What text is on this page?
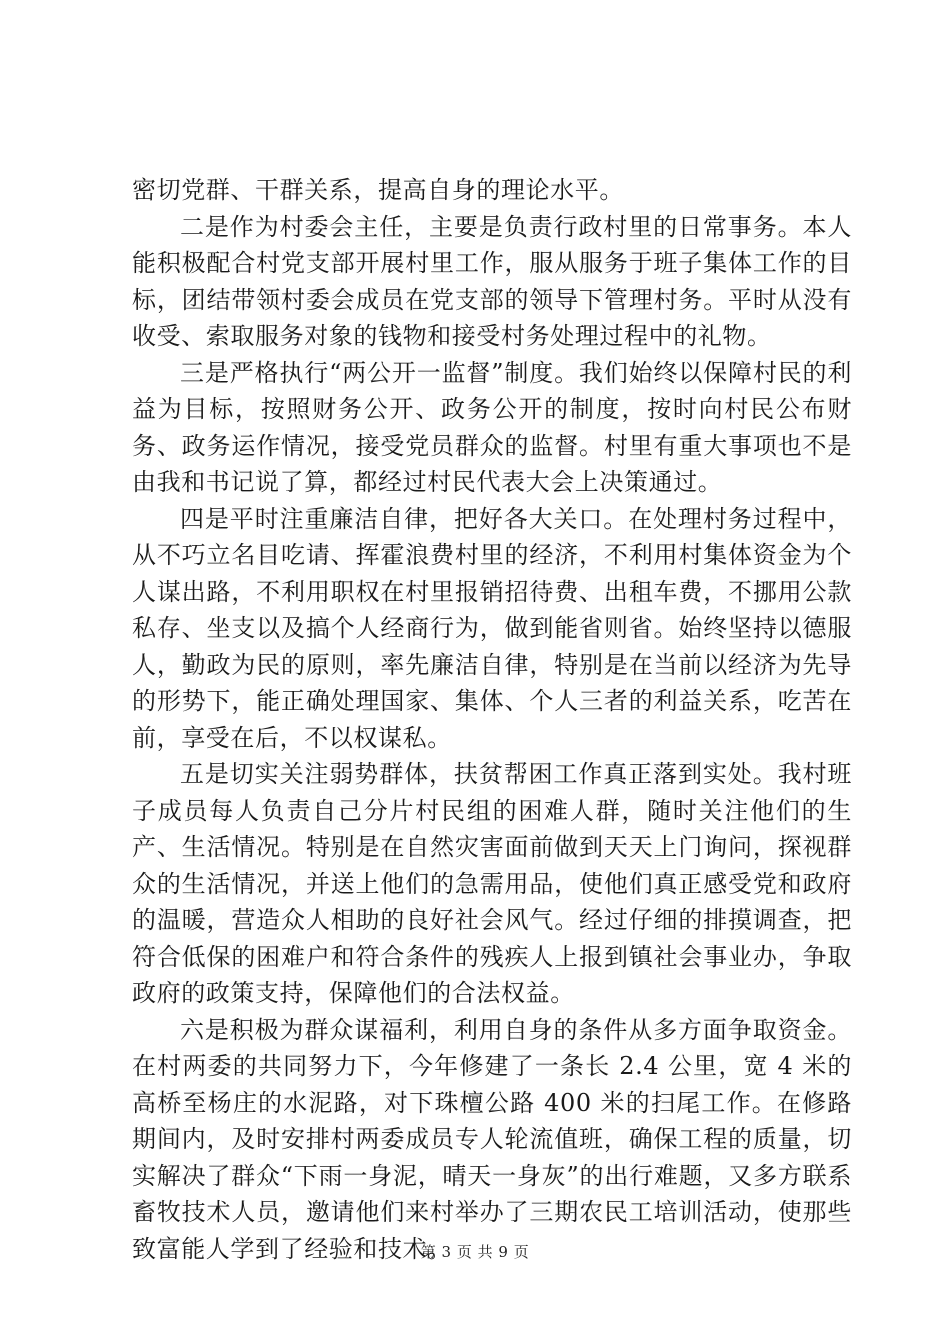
密切党群、干群关系，提高自身的理论水平。

二是作为村委会主任，主要是负责行政村里的日常事务。本人能积极配合村党支部开展村里工作，服从服务于班子集体工作的目标，团结带领村委会成员在党支部的领导下管理村务。平时从没有收受、索取服务对象的钱物和接受村务处理过程中的礼物。

三是严格执行“两公开一监督”制度。我们始终以保障村民的利益为目标，按照财务公开、政务公开的制度，按时向村民公布财务、政务运作情况，接受党员群众的监督。村里有重大事项也不是由我和书记说了算，都经过村民代表大会上决策通过。

四是平时注重廉洁自律，把好各大关口。在处理村务过程中，从不巧立名目吃请、挥霍浪费村里的经济，不利用村集体资金为个人谋出路，不利用职权在村里报销招待费、出租车费，不挪用公款私存、坐支以及搞个人经商行为，做到能省则省。始终坚持以德服人，勤政为民的原则，率先廉洁自律，特别是在当前以经济为先导的形势下，能正确处理国家、集体、个人三者的利益关系，吃苦在前，享受在后，不以权谋私。

五是切实关注弱势群体，扶贫帮困工作真正落到实处。我村班子成员每人负责自己分片村民组的困难人群，随时关注他们的生产、生活情况。特别是在自然灾害面前做到天天上门询问，探视群众的生活情况，并送上他们的急需用品，使他们真正感受党和政府的温暖，营造众人相助的良好社会风气。经过仔细的排摸调查，把符合低保的困难户和符合条件的残疾人上报到镇社会事业办，争取政府的政策支持，保障他们的合法权益。

六是积极为群众谋福利，利用自身的条件从多方面争取资金。在村两委的共同努力下，今年修建了一条长 2.4 公里，宽 4 米的高桥至杨庄的水泥路，对下珠檀公路 400 米的扫尾工作。在修路期间内，及时安排村两委成员专人轮流值班，确保工程的质量，切实解决了群众“下雨一身泥，晴天一身灰”的出行难题，又多方联系畜牧技术人员，邀请他们来村举办了三期农民工培训活动，使那些致富能人学到了经验和技术。

第 3 页 共 9 页
